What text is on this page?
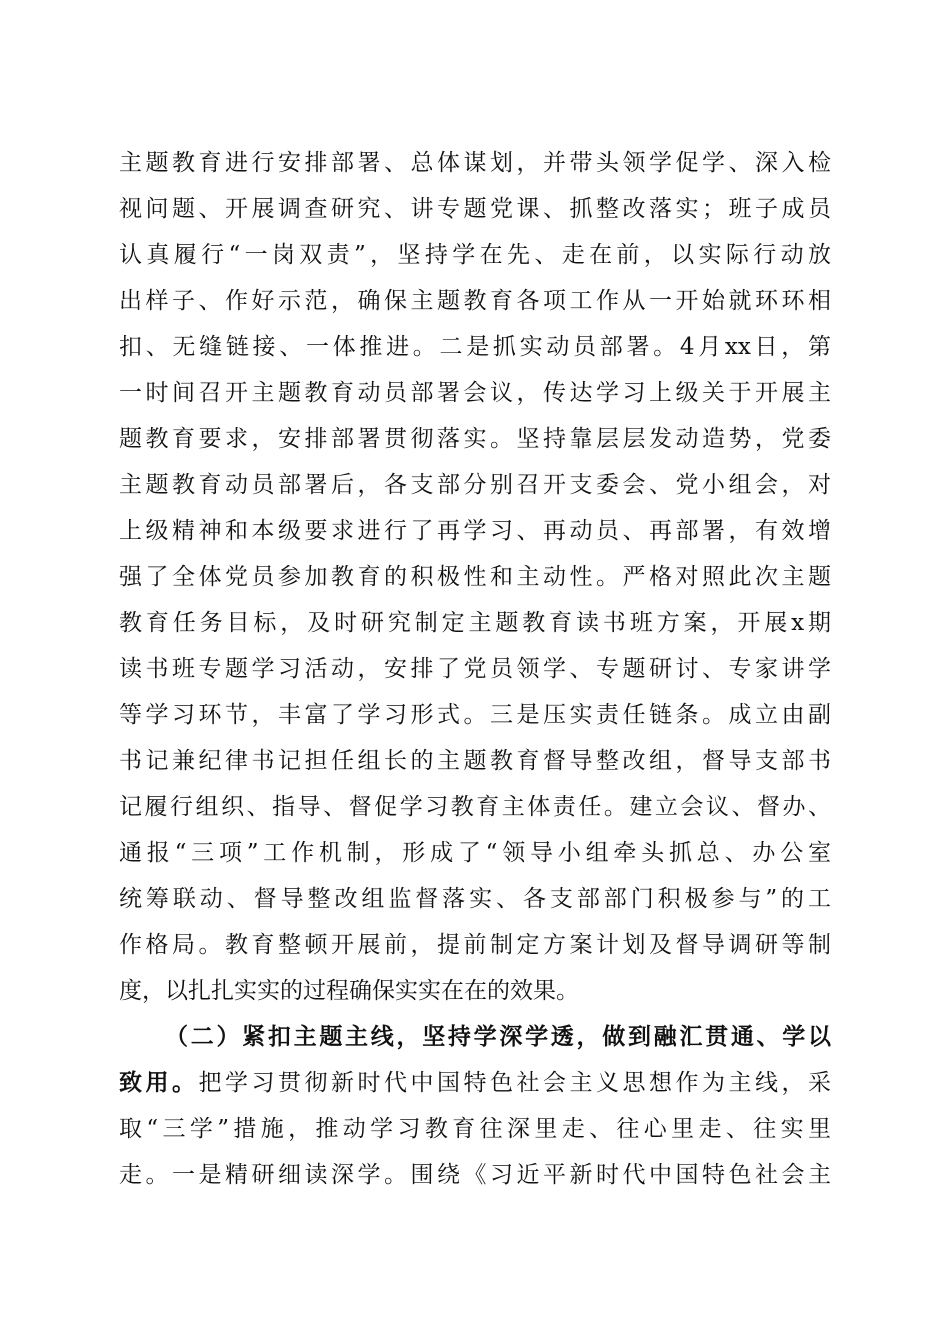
主题教育进行安排部署、总体谋划，并带头领学促学、深入检
视问题、开展调查研究、讲专题党课、抓整改落实；班子成员
认真履行“一岗双责”，坚持学在先、走在前，以实际行动放
出样子、作好示范，确保主题教育各项工作从一开始就环环相
扣、无缝链接、一体推进。二是抓实动员部署。4月xx日，第
一时间召开主题教育动员部署会议，传达学习上级关于开展主
题教育要求，安排部署贯彻落实。坚持靠层层发动造势，党委
主题教育动员部署后，各支部分别召开支委会、党小组会，对
上级精神和本级要求进行了再学习、再动员、再部署，有效增
强了全体党员参加教育的积极性和主动性。严格对照此次主题
教育任务目标，及时研究制定主题教育读书班方案，开展x期
读书班专题学习活动，安排了党员领学、专题研讨、专家讲学
等学习环节，丰富了学习形式。三是压实责任链条。成立由副
书记兼纪律书记担任组长的主题教育督导整改组，督导支部书
记履行组织、指导、督促学习教育主体责任。建立会议、督办、
通报“三项”工作机制，形成了“领导小组牵头抓总、办公室
统筹联动、督导整改组监督落实、各支部部门积极参与”的工
作格局。教育整顿开展前，提前制定方案计划及督导调研等制
度，以扎扎实实的过程确保实实在在的效果。
（二）紧扣主题主线，坚持学深学透，做到融汇贯通、学以
致用。把学习贯彻新时代中国特色社会主义思想作为主线，采
取“三学”措施，推动学习教育往深里走、往心里走、往实里
走。一是精研细读深学。围绕《习近平新时代中国特色社会主
